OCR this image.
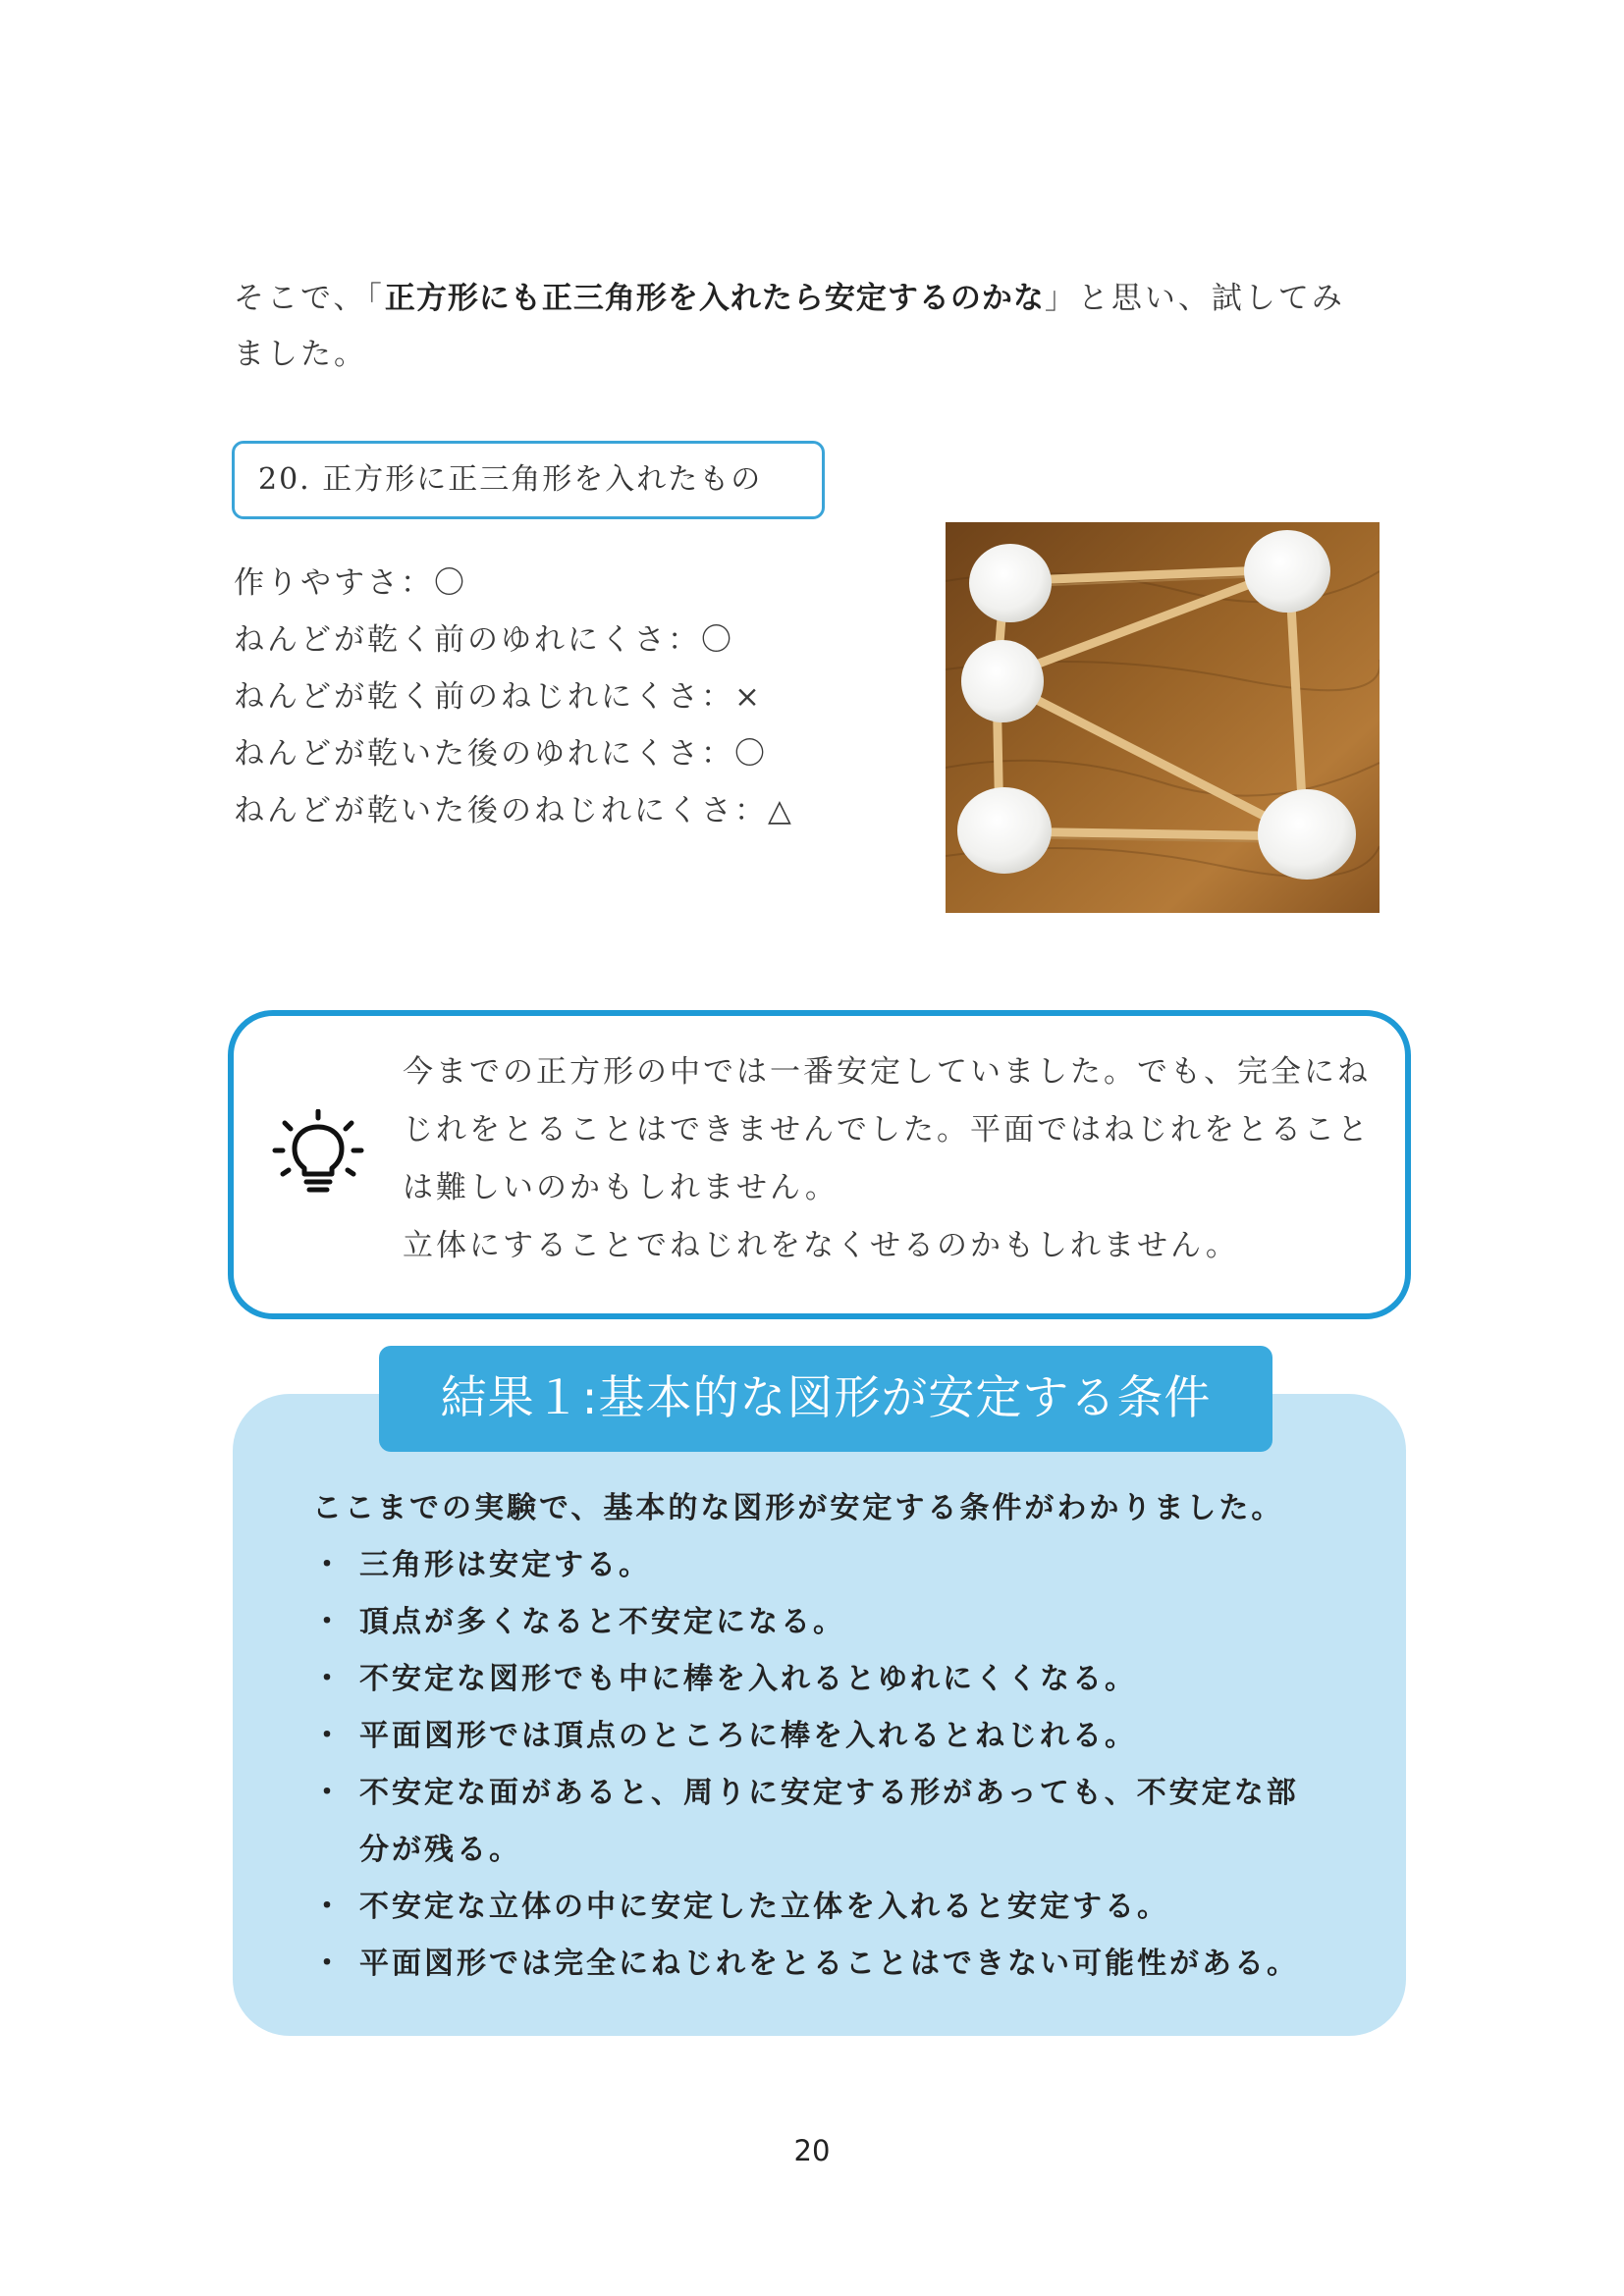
そこで、「正方形にも正三角形を入れたら安定するのかな」と思い、試してみ
ました。
20. 正方形に正三角形を入れたもの
作りやすさ：〇
ねんどが乾く前のゆれにくさ：〇
ねんどが乾く前のねじれにくさ：×
ねんどが乾いた後のゆれにくさ：〇
ねんどが乾いた後のねじれにくさ：△
今までの正方形の中では一番安定していました。でも、完全にね
じれをとることはできませんでした。平面ではねじれをとること
は難しいのかもしれません。
立体にすることでねじれをなくせるのかもしれません。
結果１:基本的な図形が安定する条件
ここまでの実験で、基本的な図形が安定する条件がわかりました。
・ 三角形は安定する。
・ 頂点が多くなると不安定になる。
・ 不安定な図形でも中に棒を入れるとゆれにくくなる。
・ 平面図形では頂点のところに棒を入れるとねじれる。
・ 不安定な面があると、周りに安定する形があっても、不安定な部
分が残る。
・ 不安定な立体の中に安定した立体を入れると安定する。
・ 平面図形では完全にねじれをとることはできない可能性がある。
20
